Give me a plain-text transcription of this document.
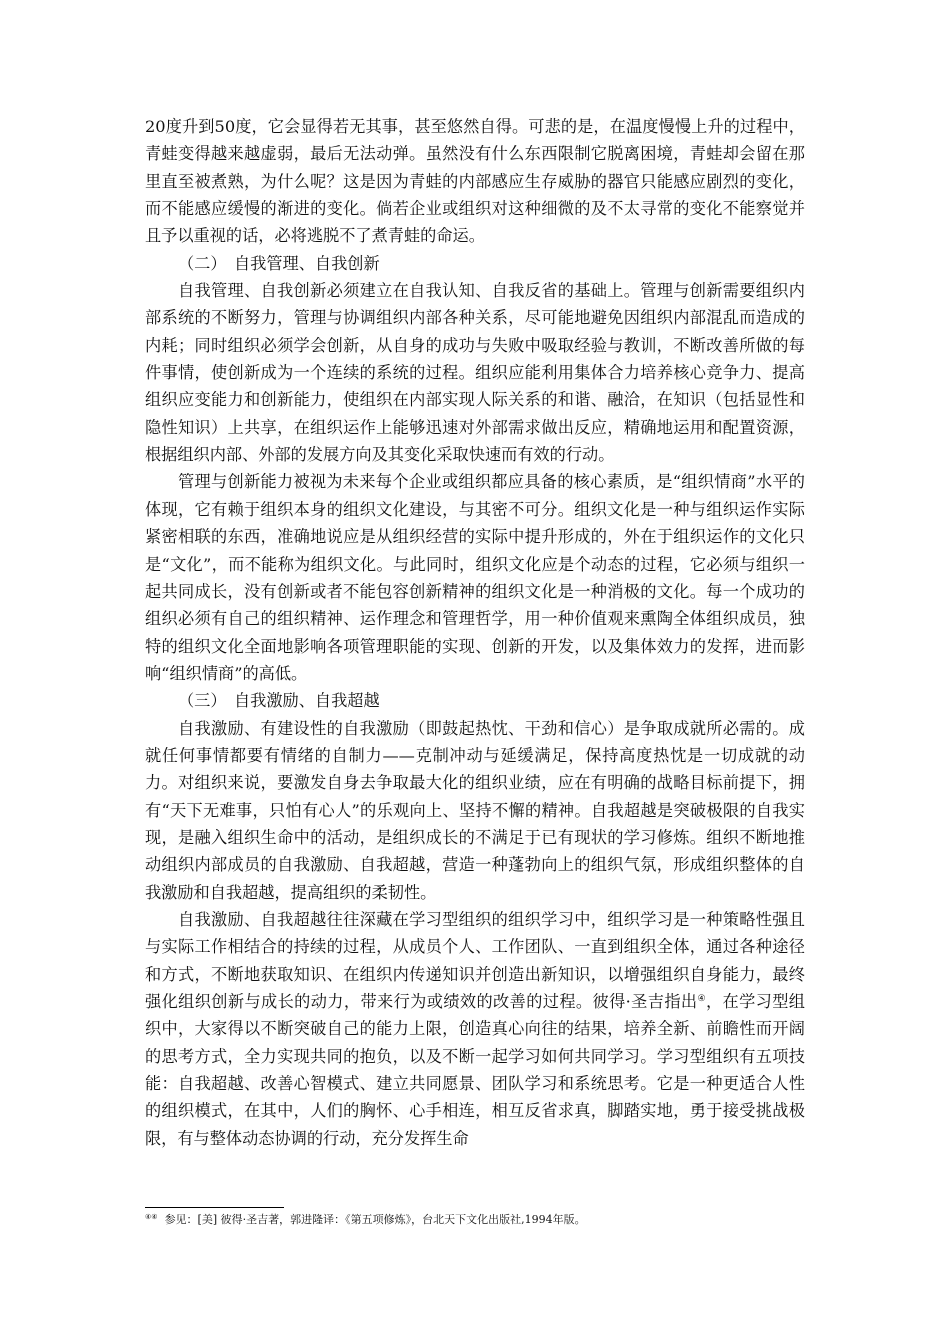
20度升到50度，它会显得若无其事，甚至悠然自得。可悲的是，在温度慢慢上升的过程中，青蛙变得越来越虚弱，最后无法动弹。虽然没有什么东西限制它脱离困境，青蛙却会留在那里直至被煮熟，为什么呢？这是因为青蛙的内部感应生存威胁的器官只能感应剧烈的变化，而不能感应缓慢的渐进的变化。倘若企业或组织对这种细微的及不太寻常的变化不能察觉并且予以重视的话，必将逃脱不了煮青蛙的命运。

（二） 自我管理、自我创新

自我管理、自我创新必须建立在自我认知、自我反省的基础上。管理与创新需要组织内部系统的不断努力，管理与协调组织内部各种关系，尽可能地避免因组织内部混乱而造成的内耗；同时组织必须学会创新，从自身的成功与失败中吸取经验与教训，不断改善所做的每件事情，使创新成为一个连续的系统的过程。组织应能利用集体合力培养核心竞争力、提高组织应变能力和创新能力，使组织在内部实现人际关系的和谐、融洽，在知识（包括显性和隐性知识）上共享，在组织运作上能够迅速对外部需求做出反应，精确地运用和配置资源，根据组织内部、外部的发展方向及其变化采取快速而有效的行动。

管理与创新能力被视为未来每个企业或组织都应具备的核心素质，是“组织情商”水平的体现，它有赖于组织本身的组织文化建设，与其密不可分。组织文化是一种与组织运作实际紧密相联的东西，准确地说应是从组织经营的实际中提升形成的，外在于组织运作的文化只是“文化”，而不能称为组织文化。与此同时，组织文化应是个动态的过程，它必须与组织一起共同成长，没有创新或者不能包容创新精神的组织文化是一种消极的文化。每一个成功的组织必须有自己的组织精神、运作理念和管理哲学，用一种价值观来熏陶全体组织成员，独特的组织文化全面地影响各项管理职能的实现、创新的开发，以及集体效力的发挥，进而影响“组织情商”的高低。

（三） 自我激励、自我超越

自我激励、有建设性的自我激励（即鼓起热忱、干劲和信心）是争取成就所必需的。成就任何事情都要有情绪的自制力——克制冲动与延缓满足，保持高度热忱是一切成就的动力。对组织来说，要激发自身去争取最大化的组织业绩，应在有明确的战略目标前提下，拥有“天下无难事，只怕有心人”的乐观向上、坚持不懈的精神。自我超越是突破极限的自我实现，是融入组织生命中的活动，是组织成长的不满足于已有现状的学习修炼。组织不断地推动组织内部成员的自我激励、自我超越，营造一种蓬勃向上的组织气氛，形成组织整体的自我激励和自我超越，提高组织的柔韧性。

自我激励、自我超越往往深藏在学习型组织的组织学习中，组织学习是一种策略性强且与实际工作相结合的持续的过程，从成员个人、工作团队、一直到组织全体，通过各种途径和方式，不断地获取知识、在组织内传递知识并创造出新知识，以增强组织自身能力，最终强化组织创新与成长的动力，带来行为或绩效的改善的过程。彼得·圣吉指出④，在学习型组织中，大家得以不断突破自己的能力上限，创造真心向往的结果，培养全新、前瞻性而开阔的思考方式，全力实现共同的抱负，以及不断一起学习如何共同学习。学习型组织有五项技能：自我超越、改善心智模式、建立共同愿景、团队学习和系统思考。它是一种更适合人性的组织模式，在其中，人们的胸怀、心手相连，相互反省求真，脚踏实地，勇于接受挑战极限，有与整体动态协调的行动，充分发挥生命

④④ 参见：[美] 彼得·圣吉著，郭进隆译：《第五项修炼》，台北天下文化出版社,1994年版。
